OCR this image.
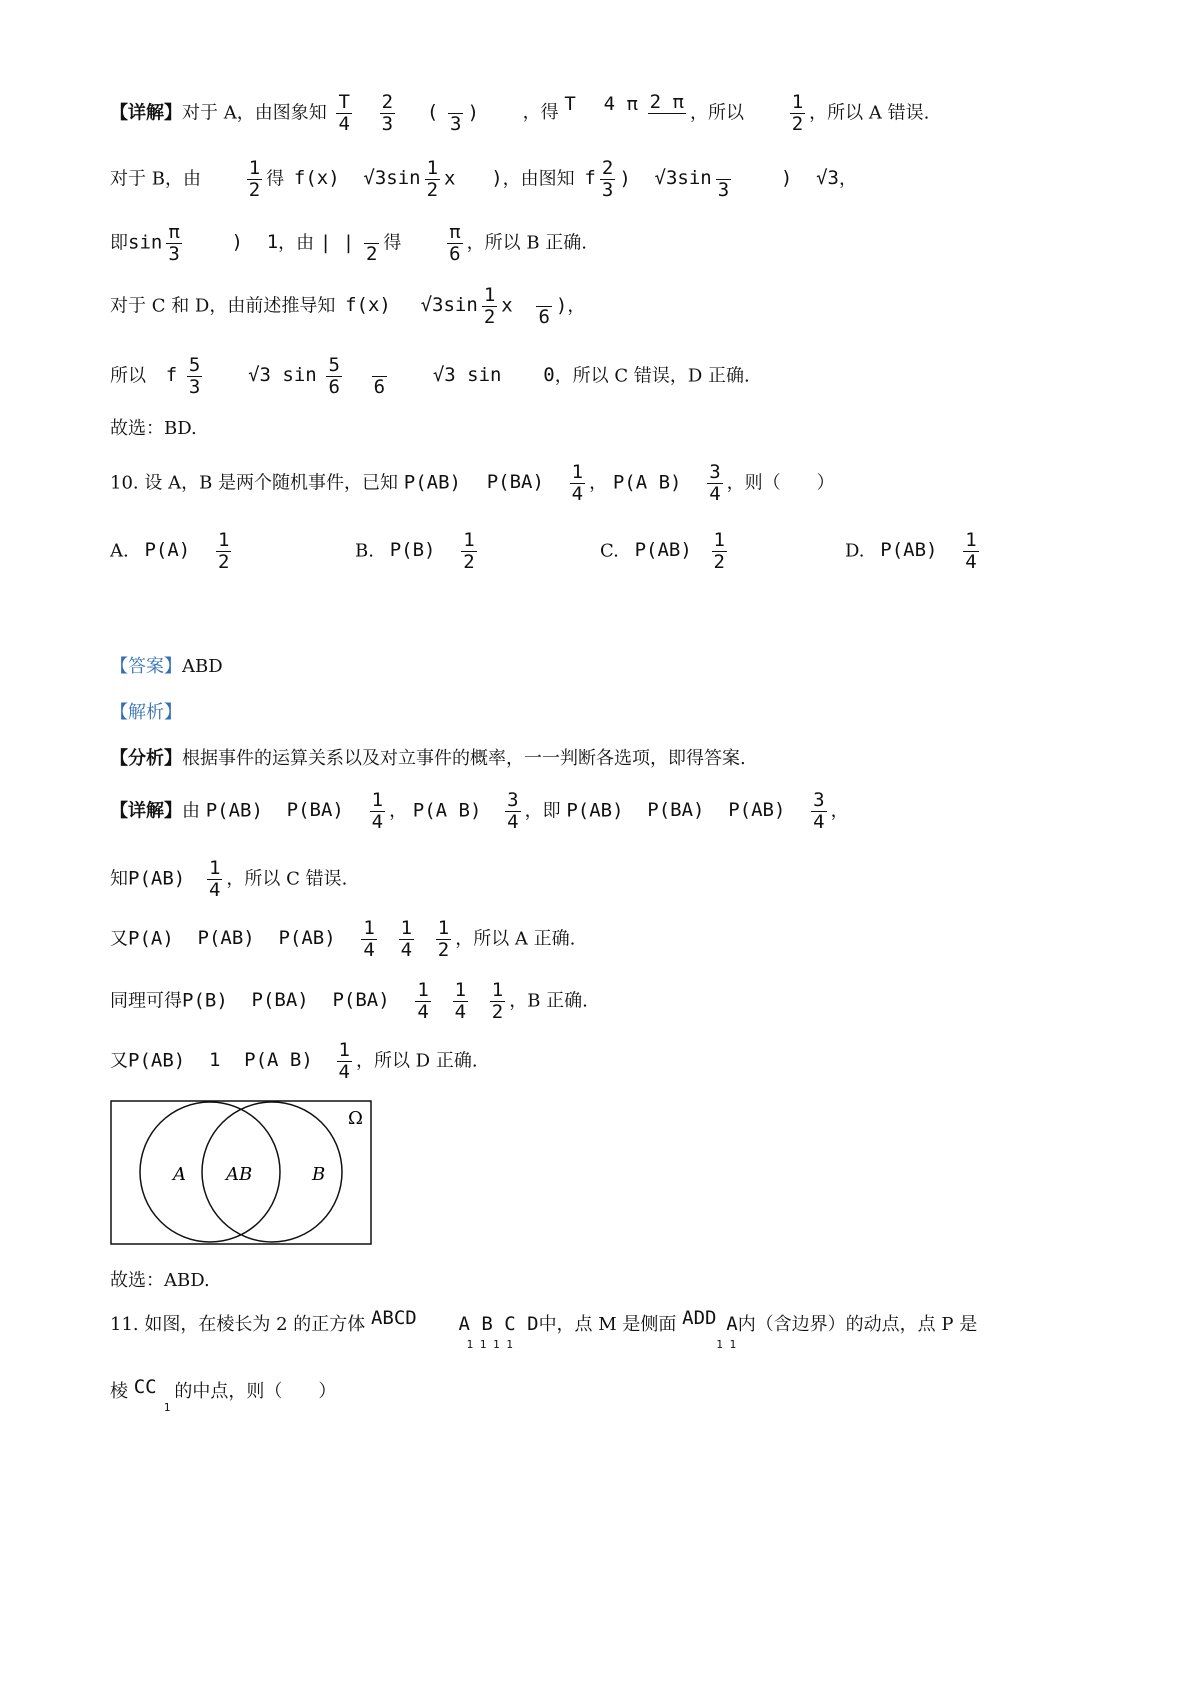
【详解】对于 A，由图象知 $\frac{T}{4}$
$\frac{2}{3}$ (

3
) ，得 T 4 π 2 π
，所以 $\frac{1}{2}$ ，所以 A 错误.
对于 B，由 $\frac{1}{2}$ 得 f(x) $√3\sin \frac{1}{2}$ x )，由图知 f $\frac{2}{3}$ ) √3sin

3
) √3，
即$\sin \frac{\pi}{3}$	) 1，由 | |

2 得 $\frac{\pi}{6}$ ，所以 B 正确.
对于 C 和 D，由前述推导知 f(x) $√3\sin \frac{1}{2}$ x

6
)，
所以 f $\frac{5}{3} √3$ $\sin \frac{5}{6}$

6
√3 sin 0，所以 C 错误，D 正确.
故选：BD.
10. 设 A，B 是两个随机事件，已知 P(AB) $P(BA) \frac{1}{4}$ ， P(A $B) \frac{3}{4}$ ，则（　　）
A. $P(A) \frac{1}{2}$	B. $P(B) \frac{1}{2}$	C. $P(AB) \frac{1}{2}$	D. $P(AB) \frac{1}{4}$
【答案】ABD
【解析】
【分析】根据事件的运算关系以及对立事件的概率，一一判断各选项，即得答案.
【详解】由 P(AB) $P(BA) \frac{1}{4}$ ， P(A $B) \frac{3}{4}$ ，即 P(AB) P(BA) $P(AB) \frac{3}{4}$ ，
知$P(AB) \frac{1}{4}$ ，所以 C 错误.
又P(A) P(AB) $P(AB) \frac{1}{4}$
$\frac{1}{4}$
$\frac{1}{2}$ ，所以 A 正确.
同理可得P(B) P(BA) $P(BA) \frac{1}{4}$
$\frac{1}{4}$
$\frac{1}{2}$ ，B 正确.
又P(AB) 1 P(A $B) \frac{1}{4}$ ，所以 D 正确.
Ω
A AB	B
故选：ABD.
11. 如图，在棱长为 2 的正方体 ABCD A B C D
1 1 1 1
中，点 M 是侧面 ADD A
1 1
内（含边界）的动点，点 P 是
棱 CC
1
的中点，则（　　）
